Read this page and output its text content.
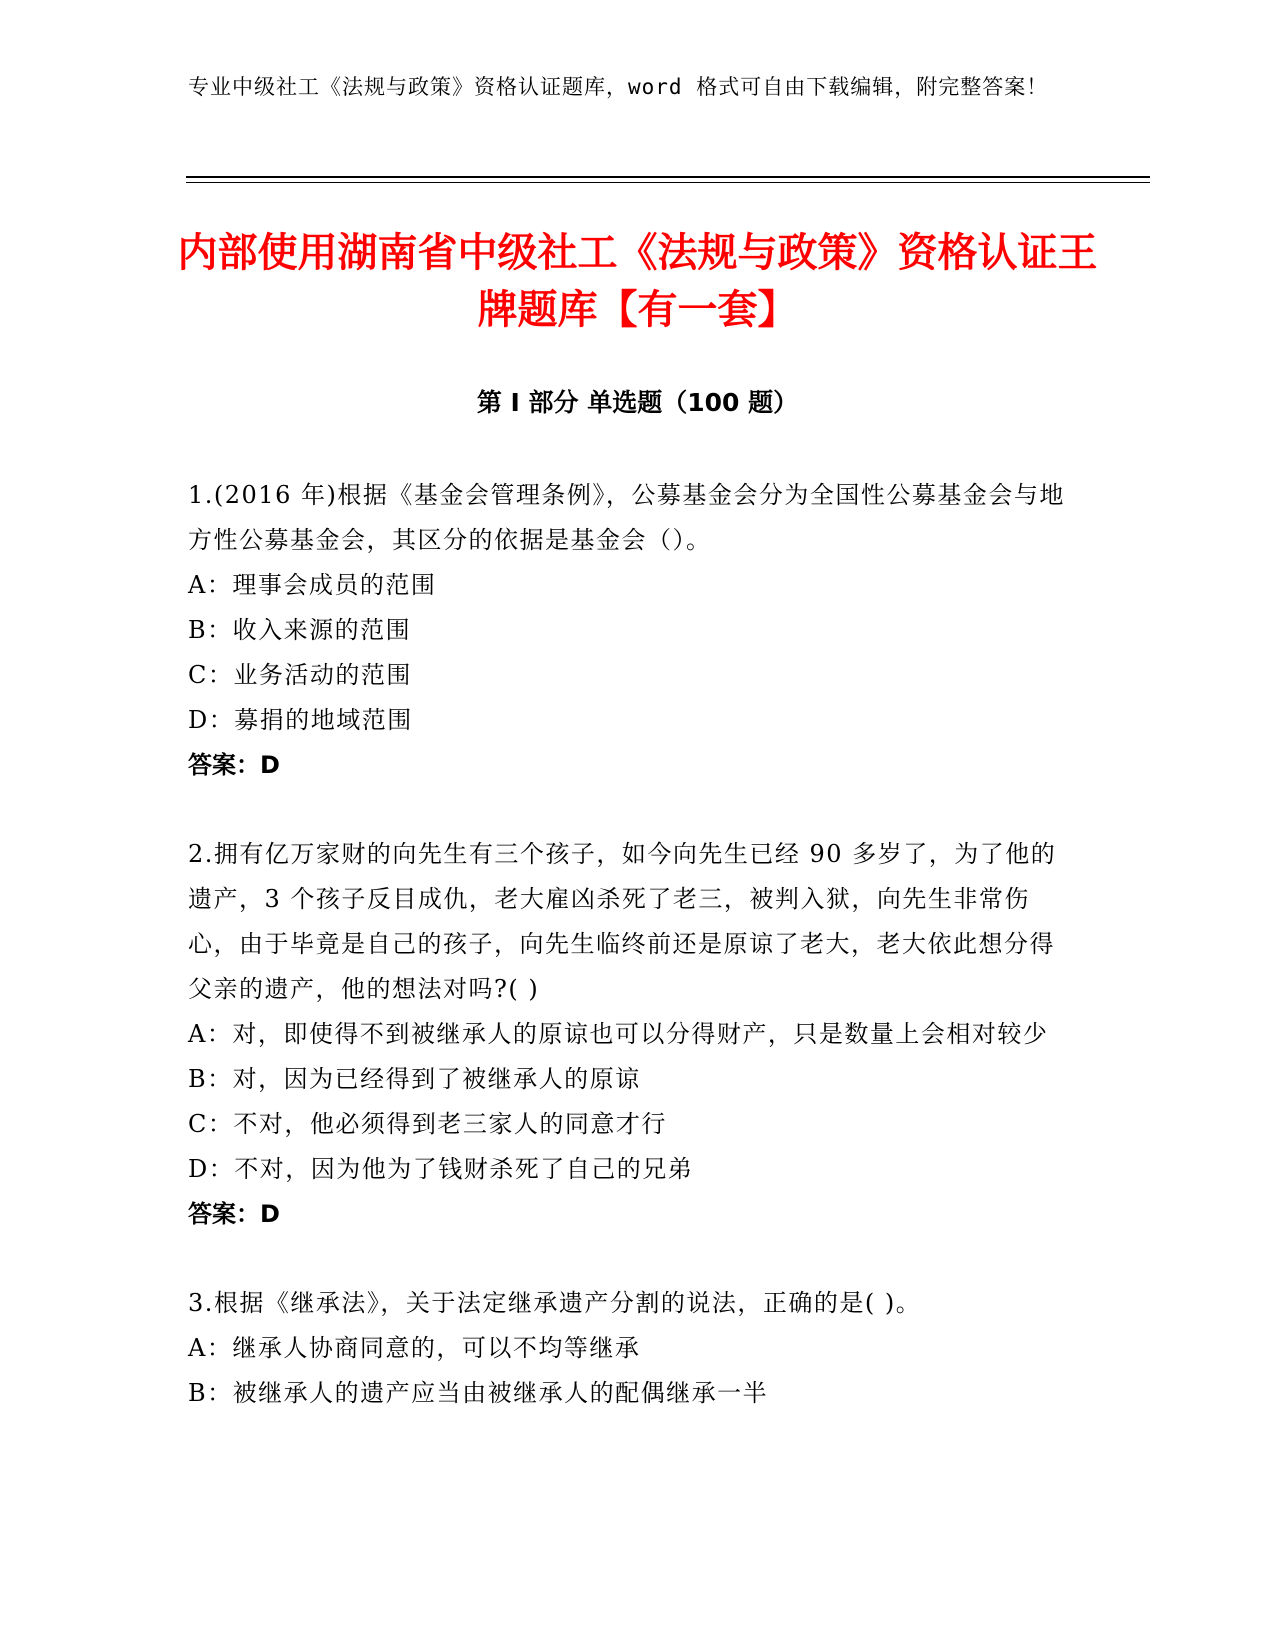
专业中级社工《法规与政策》资格认证题库，word 格式可自由下载编辑，附完整答案！
内部使用湖南省中级社工《法规与政策》资格认证王牌题库【有一套】
第 I 部分 单选题（100 题）
1.(2016 年)根据《基金会管理条例》，公募基金会分为全国性公募基金会与地方性公募基金会，其区分的依据是基金会（）。
A：理事会成员的范围
B：收入来源的范围
C：业务活动的范围
D：募捐的地域范围
答案：D
2.拥有亿万家财的向先生有三个孩子，如今向先生已经 90 多岁了，为了他的遗产，3 个孩子反目成仇，老大雇凶杀死了老三，被判入狱，向先生非常伤心，由于毕竟是自己的孩子，向先生临终前还是原谅了老大，老大依此想分得父亲的遗产，他的想法对吗?( )
A：对，即使得不到被继承人的原谅也可以分得财产，只是数量上会相对较少
B：对，因为已经得到了被继承人的原谅
C：不对，他必须得到老三家人的同意才行
D：不对，因为他为了钱财杀死了自己的兄弟
答案：D
3.根据《继承法》，关于法定继承遗产分割的说法，正确的是( )。
A：继承人协商同意的，可以不均等继承
B：被继承人的遗产应当由被继承人的配偶继承一半
